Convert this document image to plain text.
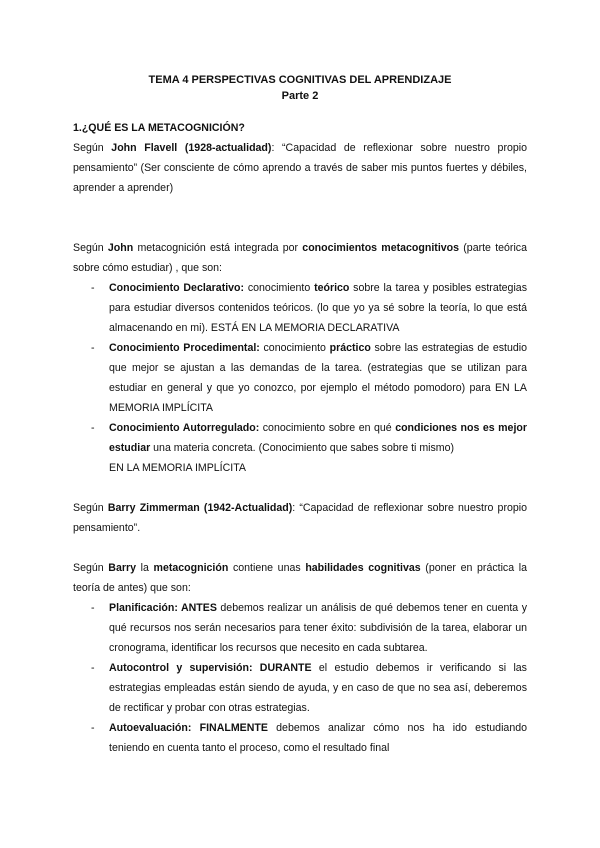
TEMA 4 PERSPECTIVAS COGNITIVAS DEL APRENDIZAJE
Parte 2

1.¿QUÉ ES LA METACOGNICIÓN?

Según John Flavell (1928-actualidad): “Capacidad de reflexionar sobre nuestro propio pensamiento” (Ser consciente de cómo aprendo a través de saber mis puntos fuertes y débiles, aprender a aprender)

Según John metacognición está integrada por conocimientos metacognitivos (parte teórica sobre cómo estudiar) , que son:

- Conocimiento Declarativo: conocimiento teórico sobre la tarea y posibles estrategias para estudiar diversos contenidos teóricos. (lo que yo ya sé sobre la teoría, lo que está almacenando en mi). ESTÁ EN LA MEMORIA DECLARATIVA
- Conocimiento Procedimental: conocimiento práctico sobre las estrategias de estudio que mejor se ajustan a las demandas de la tarea. (estrategias que se utilizan para estudiar en general y que yo conozco, por ejemplo el método pomodoro) para EN LA MEMORIA IMPLÍCITA
- Conocimiento Autorregulado: conocimiento sobre en qué condiciones nos es mejor estudiar una materia concreta. (Conocimiento que sabes sobre ti mismo)
EN LA MEMORIA IMPLÍCITA

Según Barry Zimmerman (1942-Actualidad): “Capacidad de reflexionar sobre nuestro propio pensamiento”.

Según Barry la metacognición contiene unas habilidades cognitivas (poner en práctica la teoría de antes) que son:

- Planificación: ANTES debemos realizar un análisis de qué debemos tener en cuenta y qué recursos nos serán necesarios para tener éxito: subdivisión de la tarea, elaborar un cronograma, identificar los recursos que necesito en cada subtarea.
- Autocontrol y supervisión: DURANTE el estudio debemos ir verificando si las estrategias empleadas están siendo de ayuda, y en caso de que no sea así, deberemos de rectificar y probar con otras estrategias.
- Autoevaluación: FINALMENTE debemos analizar cómo nos ha ido estudiando teniendo en cuenta tanto el proceso, como el resultado final
